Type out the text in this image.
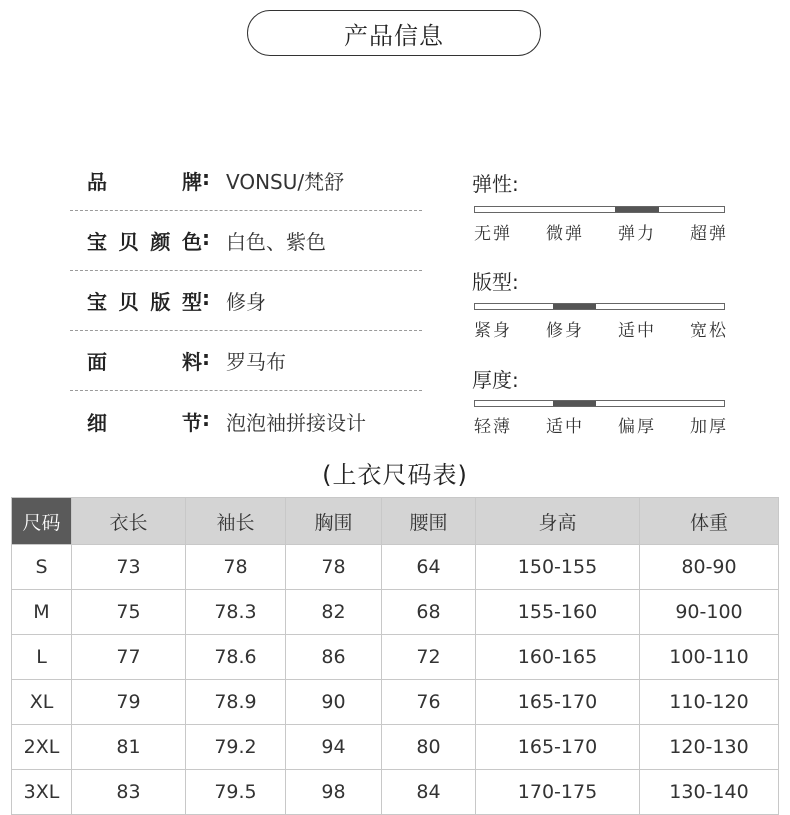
产品信息
品	牌 : VONSU/梵舒
宝 贝 颜 色 : 白色、紫色
宝 贝 版 型 : 修身
面	料 : 罗马布
细	节 : 泡泡袖拼接设计
弹性:
无弹 微弹 弹力 超弹
版型:
紧身 修身 适中 宽松
厚度:
轻薄 适中 偏厚 加厚
(上衣尺码表)
尺码	衣长	袖长	胸围	腰围	身高	体重
S	73	78	78	64	150-155	80-90
M	75	78.3	82	68	155-160	90-100
L	77	78.6	86	72	160-165	100-110
XL	79	78.9	90	76	165-170	110-120
2XL	81	79.2	94	80	165-170	120-130
3XL	83	79.5	98	84	170-175	130-140
